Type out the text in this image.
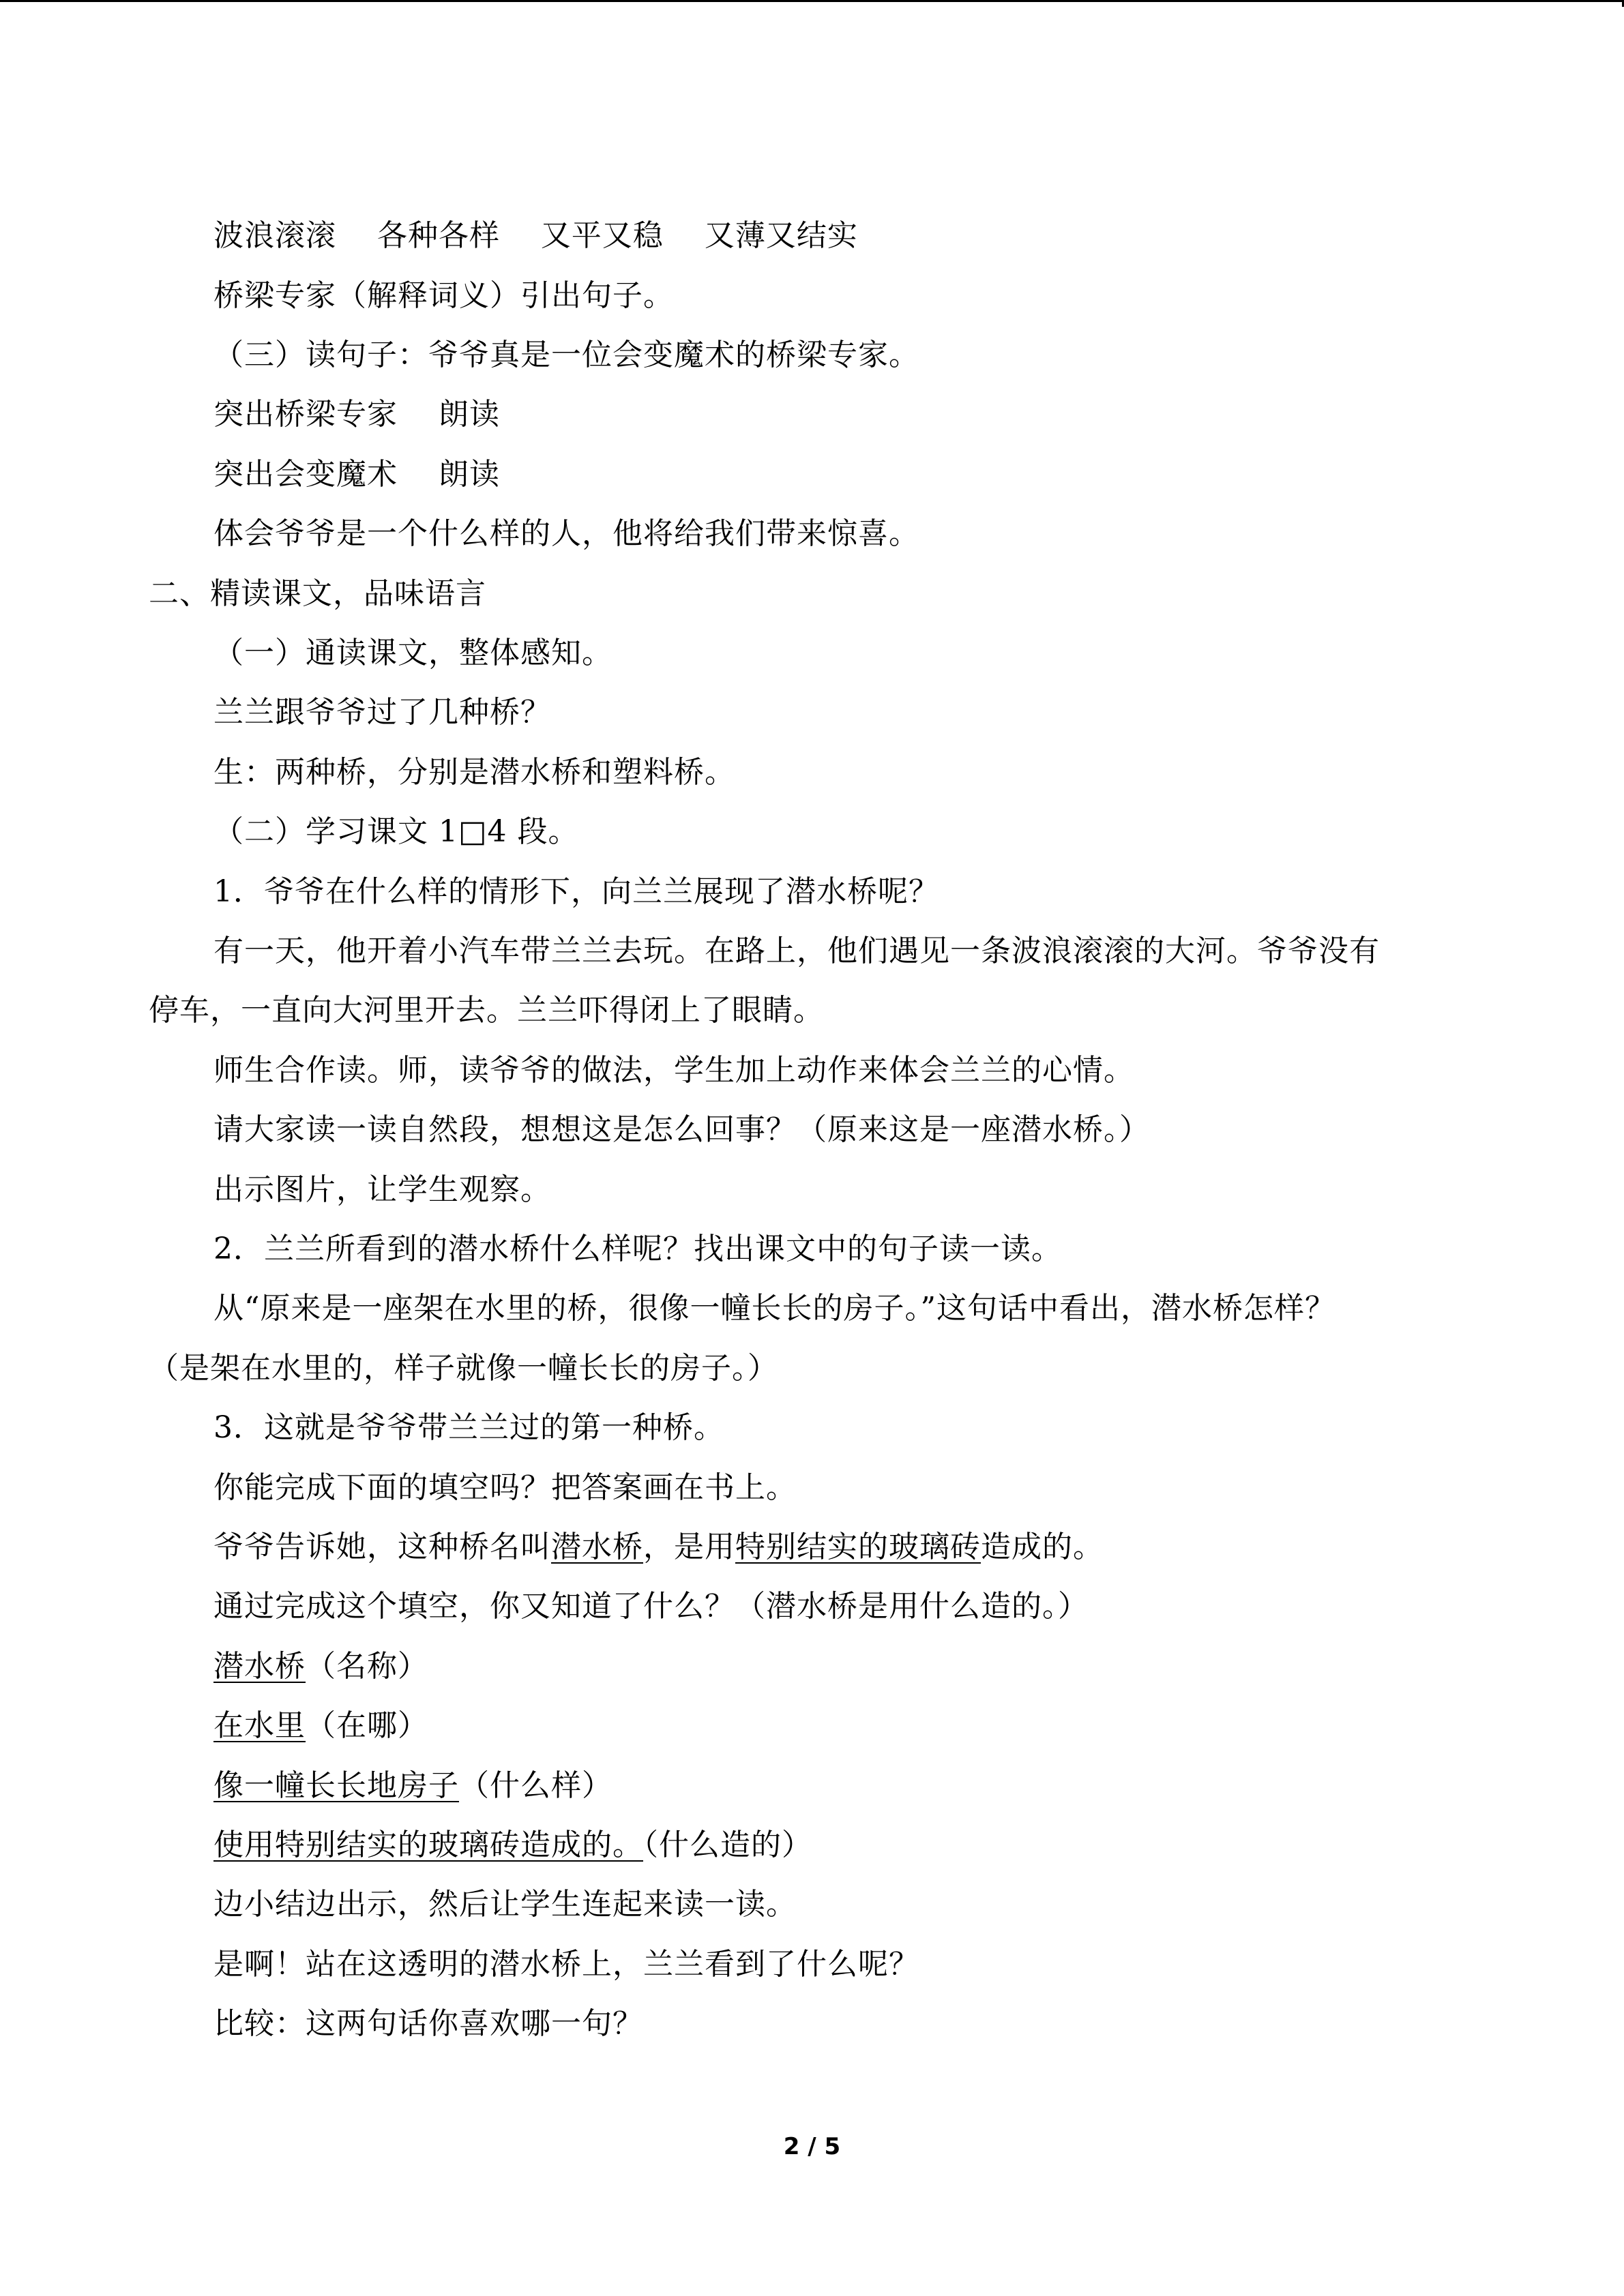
波浪滚滚    各种各样    又平又稳    又薄又结实
桥梁专家（解释词义）引出句子。
（三）读句子：爷爷真是一位会变魔术的桥梁专家。
突出桥梁专家    朗读
突出会变魔术    朗读
体会爷爷是一个什么样的人，他将给我们带来惊喜。
二、精读课文，品味语言
（一）通读课文，整体感知。
兰兰跟爷爷过了几种桥？
生：两种桥，分别是潜水桥和塑料桥。
（二）学习课文 1□4 段。
1．爷爷在什么样的情形下，向兰兰展现了潜水桥呢？
有一天，他开着小汽车带兰兰去玩。在路上，他们遇见一条波浪滚滚的大河。爷爷没有
停车，一直向大河里开去。兰兰吓得闭上了眼睛。
师生合作读。师，读爷爷的做法，学生加上动作来体会兰兰的心情。
请大家读一读自然段，想想这是怎么回事？（原来这是一座潜水桥。）
出示图片，让学生观察。
2．兰兰所看到的潜水桥什么样呢？找出课文中的句子读一读。
从“原来是一座架在水里的桥，很像一幢长长的房子。”这句话中看出，潜水桥怎样？
（是架在水里的，样子就像一幢长长的房子。）
3．这就是爷爷带兰兰过的第一种桥。
你能完成下面的填空吗？把答案画在书上。
爷爷告诉她，这种桥名叫潜水桥，是用特别结实的玻璃砖造成的。
通过完成这个填空，你又知道了什么？（潜水桥是用什么造的。）
潜水桥（名称）
在水里（在哪）
像一幢长长地房子（什么样）
使用特别结实的玻璃砖造成的。（什么造的）
边小结边出示，然后让学生连起来读一读。
是啊！站在这透明的潜水桥上，兰兰看到了什么呢？
比较：这两句话你喜欢哪一句？
2 / 5
